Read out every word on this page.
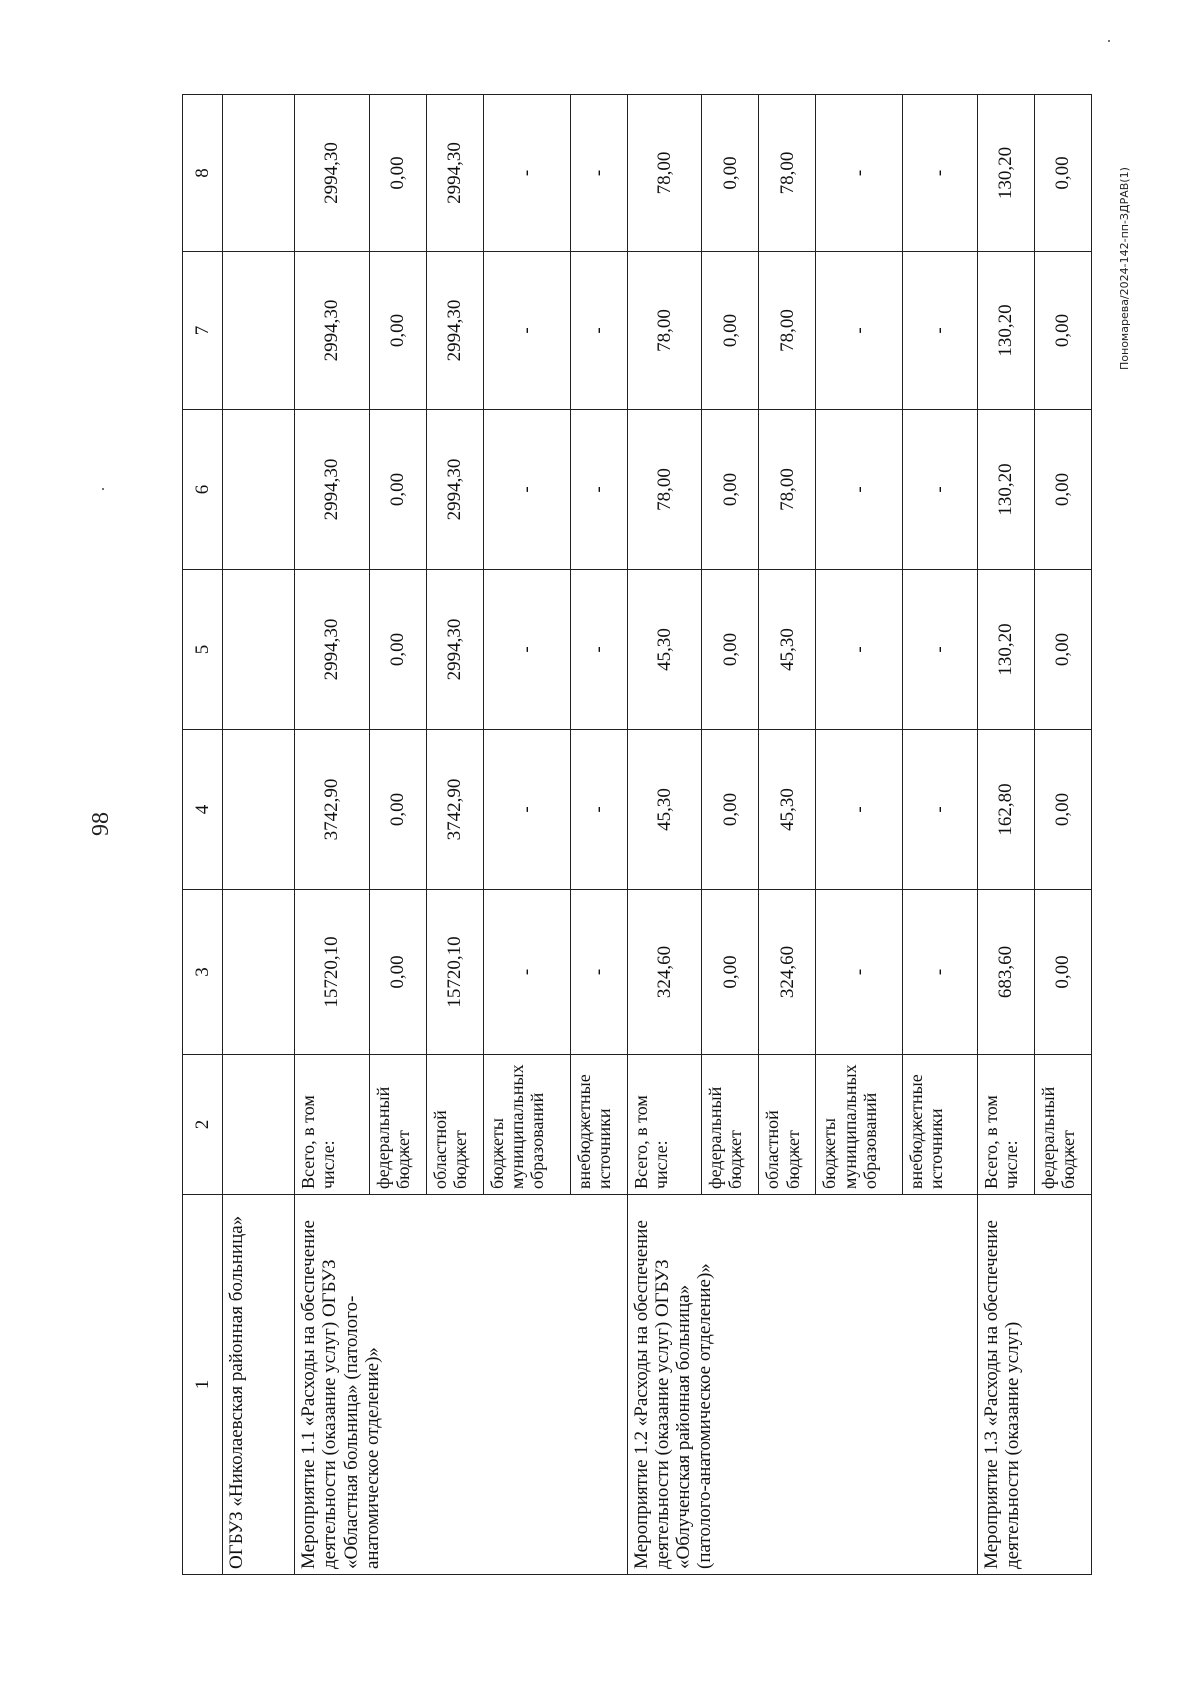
98
Пономарева/2024-142-пп-ЗДРАВ(1)
1	2	3	4	5	6	7	8
ОГБУЗ «Николаевская районная больница»							
Мероприятие 1.1 «Расходы на обеспечение деятельности (оказание услуг) ОГБУЗ «Областная больница» (патолого-анатомическое отделение)»	Всего, в том числе:	15720,10	3742,90	2994,30	2994,30	2994,30	2994,30
	федеральный бюджет	0,00	0,00	0,00	0,00	0,00	0,00
	областной бюджет	15720,10	3742,90	2994,30	2994,30	2994,30	2994,30
	бюджеты муниципальных образований	-	-	-	-	-	-
	внебюджетные источники	-	-	-	-	-	-
Мероприятие 1.2 «Расходы на обеспечение деятельности (оказание услуг) ОГБУЗ «Облученская районная больница» (патолого-анатомическое отделение)»	Всего, в том числе:	324,60	45,30	45,30	78,00	78,00	78,00
	федеральный бюджет	0,00	0,00	0,00	0,00	0,00	0,00
	областной бюджет	324,60	45,30	45,30	78,00	78,00	78,00
	бюджеты муниципальных образований	-	-	-	-	-	-
	внебюджетные источники	-	-	-	-	-	-
Мероприятие 1.3 «Расходы на обеспечение деятельности (оказание услуг)	Всего, в том числе:	683,60	162,80	130,20	130,20	130,20	130,20
	федеральный бюджет	0,00	0,00	0,00	0,00	0,00	0,00
